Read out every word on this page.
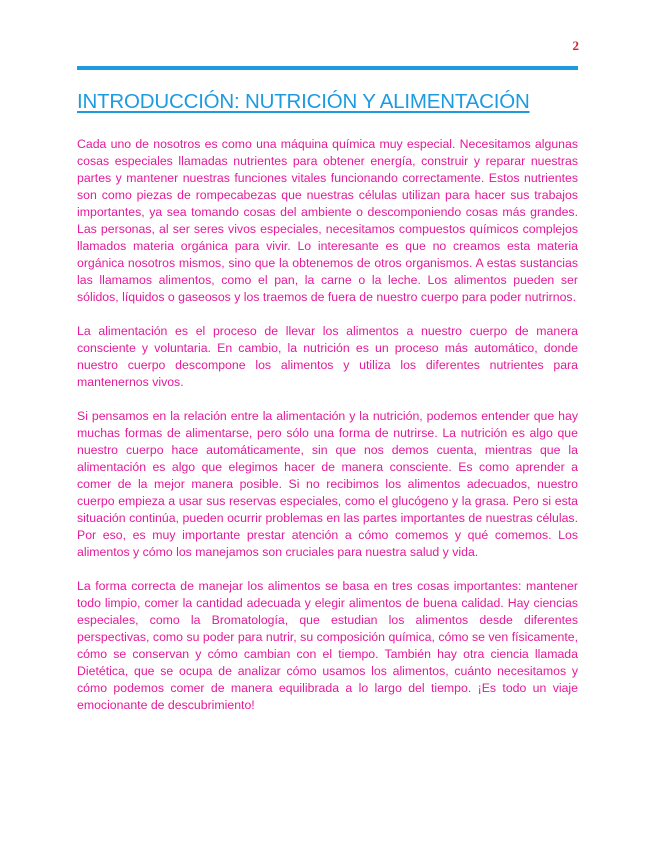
2
INTRODUCCIÓN: NUTRICIÓN Y ALIMENTACIÓN

Cada uno de nosotros es como una máquina química muy especial. Necesitamos algunas cosas especiales llamadas nutrientes para obtener energía, construir y reparar nuestras partes y mantener nuestras funciones vitales funcionando correctamente. Estos nutrientes son como piezas de rompecabezas que nuestras células utilizan para hacer sus trabajos importantes, ya sea tomando cosas del ambiente o descomponiendo cosas más grandes. Las personas, al ser seres vivos especiales, necesitamos compuestos químicos complejos llamados materia orgánica para vivir. Lo interesante es que no creamos esta materia orgánica nosotros mismos, sino que la obtenemos de otros organismos. A estas sustancias las llamamos alimentos, como el pan, la carne o la leche. Los alimentos pueden ser sólidos, líquidos o gaseosos y los traemos de fuera de nuestro cuerpo para poder nutrirnos.

La alimentación es el proceso de llevar los alimentos a nuestro cuerpo de manera consciente y voluntaria. En cambio, la nutrición es un proceso más automático, donde nuestro cuerpo descompone los alimentos y utiliza los diferentes nutrientes para mantenernos vivos.

Si pensamos en la relación entre la alimentación y la nutrición, podemos entender que hay muchas formas de alimentarse, pero sólo una forma de nutrirse. La nutrición es algo que nuestro cuerpo hace automáticamente, sin que nos demos cuenta, mientras que la alimentación es algo que elegimos hacer de manera consciente. Es como aprender a comer de la mejor manera posible. Si no recibimos los alimentos adecuados, nuestro cuerpo empieza a usar sus reservas especiales, como el glucógeno y la grasa. Pero si esta situación continúa, pueden ocurrir problemas en las partes importantes de nuestras células. Por eso, es muy importante prestar atención a cómo comemos y qué comemos. Los alimentos y cómo los manejamos son cruciales para nuestra salud y vida.

La forma correcta de manejar los alimentos se basa en tres cosas importantes: mantener todo limpio, comer la cantidad adecuada y elegir alimentos de buena calidad. Hay ciencias especiales, como la Bromatología, que estudian los alimentos desde diferentes perspectivas, como su poder para nutrir, su composición química, cómo se ven físicamente, cómo se conservan y cómo cambian con el tiempo. También hay otra ciencia llamada Dietética, que se ocupa de analizar cómo usamos los alimentos, cuánto necesitamos y cómo podemos comer de manera equilibrada a lo largo del tiempo. ¡Es todo un viaje emocionante de descubrimiento!
